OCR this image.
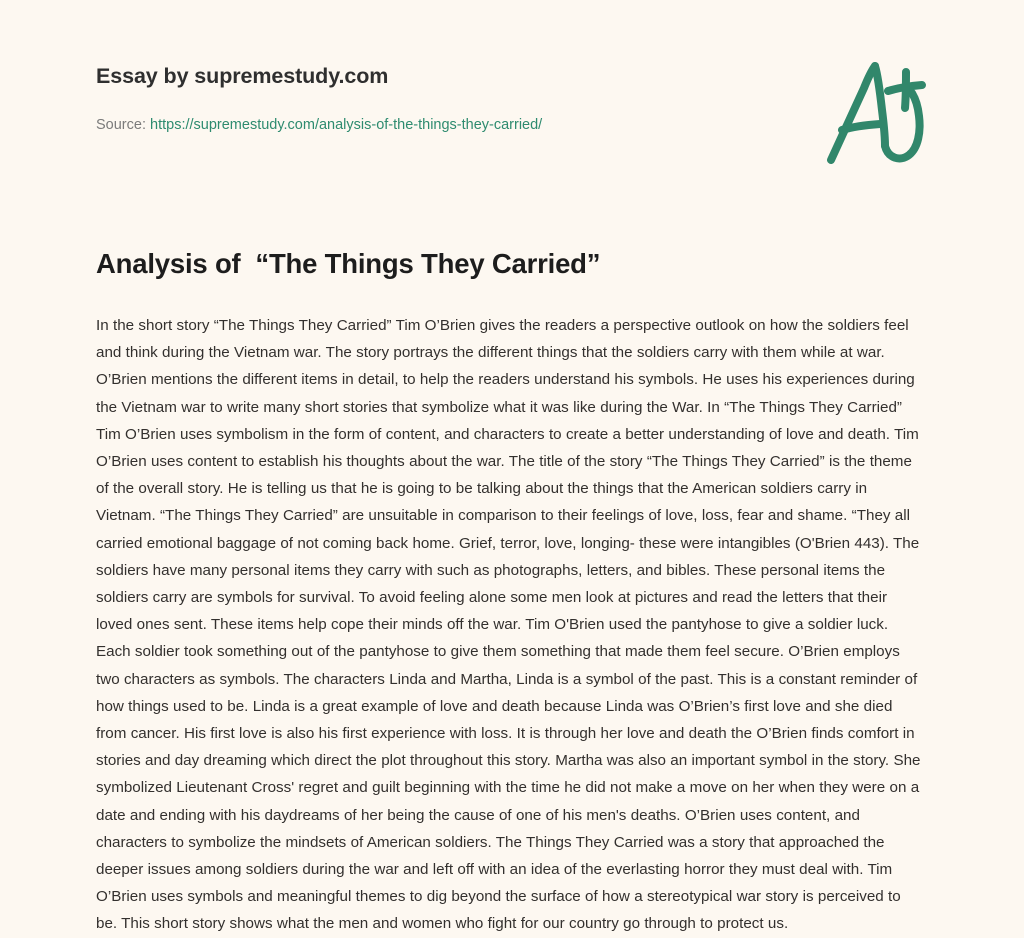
Essay by supremestudy.com

Source: https://supremestudy.com/analysis-of-the-things-they-carried/

Analysis of  “The Things They Carried”

In the short story “The Things They Carried” Tim O’Brien gives the readers a perspective outlook on how the soldiers feel and think during the Vietnam war. The story portrays the different things that the soldiers carry with them while at war. O’Brien mentions the different items in detail, to help the readers understand his symbols. He uses his experiences during the Vietnam war to write many short stories that symbolize what it was like during the War. In “The Things They Carried” Tim O’Brien uses symbolism in the form of content, and characters to create a better understanding of love and death. Tim O’Brien uses content to establish his thoughts about the war. The title of the story “The Things They Carried” is the theme of the overall story. He is telling us that he is going to be talking about the things that the American soldiers carry in Vietnam. “The Things They Carried” are unsuitable in comparison to their feelings of love, loss, fear and shame. “They all carried emotional baggage of not coming back home. Grief, terror, love, longing- these were intangibles (O'Brien 443). The soldiers have many personal items they carry with such as photographs, letters, and bibles. These personal items the soldiers carry are symbols for survival. To avoid feeling alone some men look at pictures and read the letters that their loved ones sent. These items help cope their minds off the war. Tim O'Brien used the pantyhose to give a soldier luck. Each soldier took something out of the pantyhose to give them something that made them feel secure. O’Brien employs two characters as symbols. The characters Linda and Martha, Linda is a symbol of the past. This is a constant reminder of how things used to be. Linda is a great example of love and death because Linda was O’Brien’s first love and she died from cancer. His first love is also his first experience with loss. It is through her love and death the O’Brien finds comfort in stories and day dreaming which direct the plot throughout this story. Martha was also an important symbol in the story. She symbolized Lieutenant Cross' regret and guilt beginning with the time he did not make a move on her when they were on a date and ending with his daydreams of her being the cause of one of his men's deaths. O’Brien uses content, and characters to symbolize the mindsets of American soldiers. The Things They Carried was a story that approached the deeper issues among soldiers during the war and left off with an idea of the everlasting horror they must deal with. Tim O’Brien uses symbols and meaningful themes to dig beyond the surface of how a stereotypical war story is perceived to be. This short story shows what the men and women who fight for our country go through to protect us.
